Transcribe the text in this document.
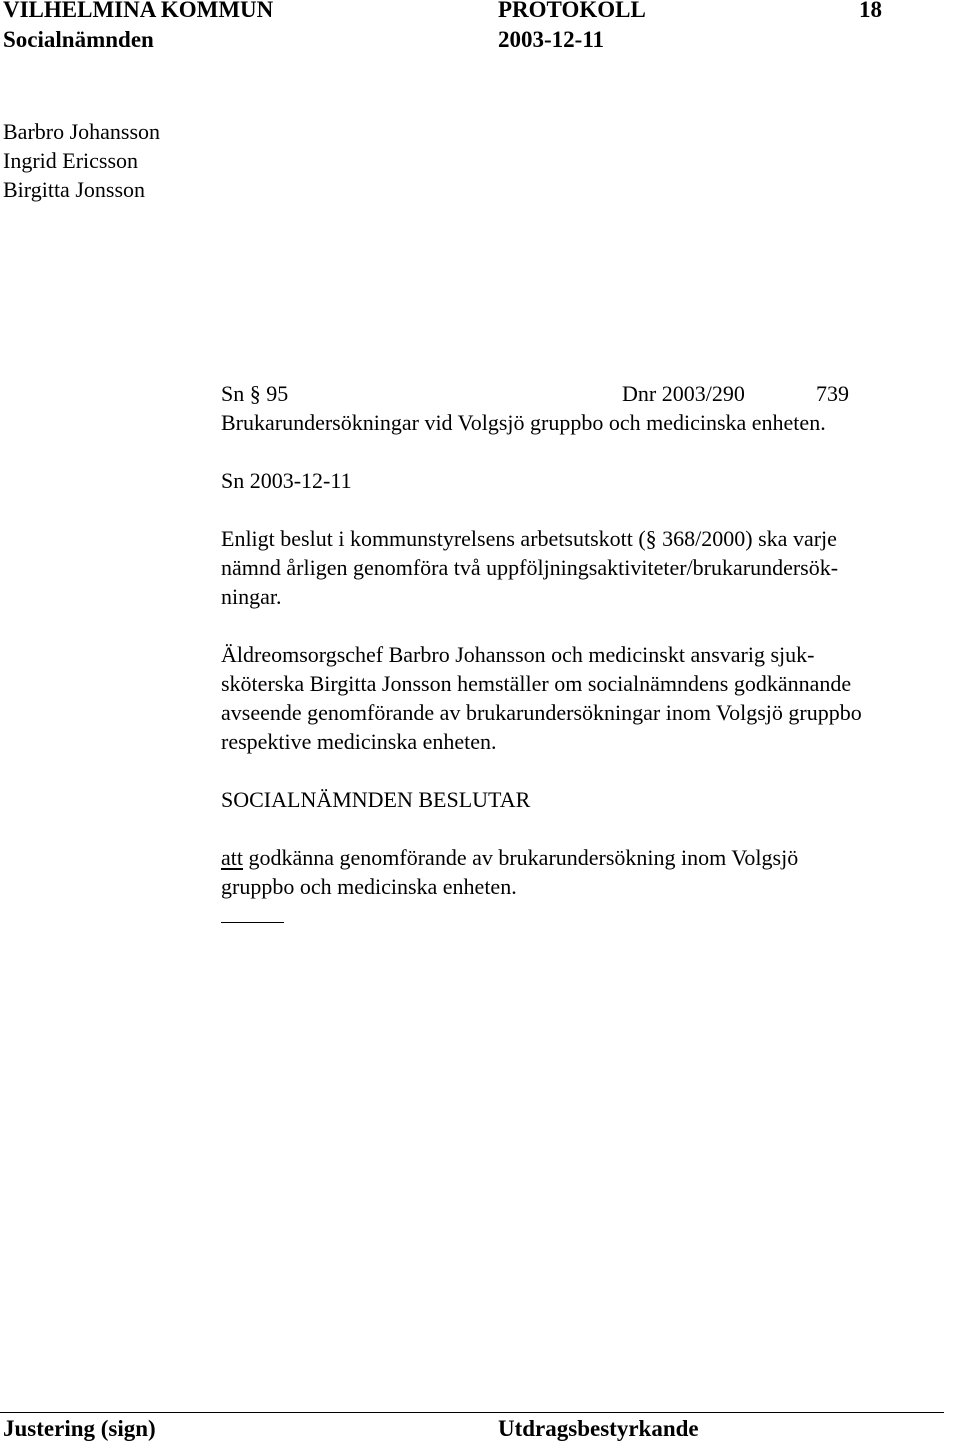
VILHELMINA KOMMUN	PROTOKOLL	18
Socialnämnden	2003-12-11
Barbro Johansson
Ingrid Ericsson
Birgitta Jonsson
Sn § 95	Dnr 2003/290	739
Brukarundersökningar vid Volgsjö gruppbo och medicinska enheten.
Sn 2003-12-11
Enligt beslut i kommunstyrelsens arbetsutskott (§ 368/2000) ska varje
nämnd årligen genomföra två uppföljningsaktiviteter/brukarundersök-
ningar.
Äldreomsorgschef Barbro Johansson och medicinskt ansvarig sjuk-
sköterska Birgitta Jonsson hemställer om socialnämndens godkännande
avseende genomförande av brukarundersökningar inom Volgsjö gruppbo
respektive medicinska enheten.
SOCIALNÄMNDEN BESLUTAR
att godkänna genomförande av brukarundersökning inom Volgsjö
gruppbo och medicinska enheten.
Justering (sign)	Utdragsbestyrkande
